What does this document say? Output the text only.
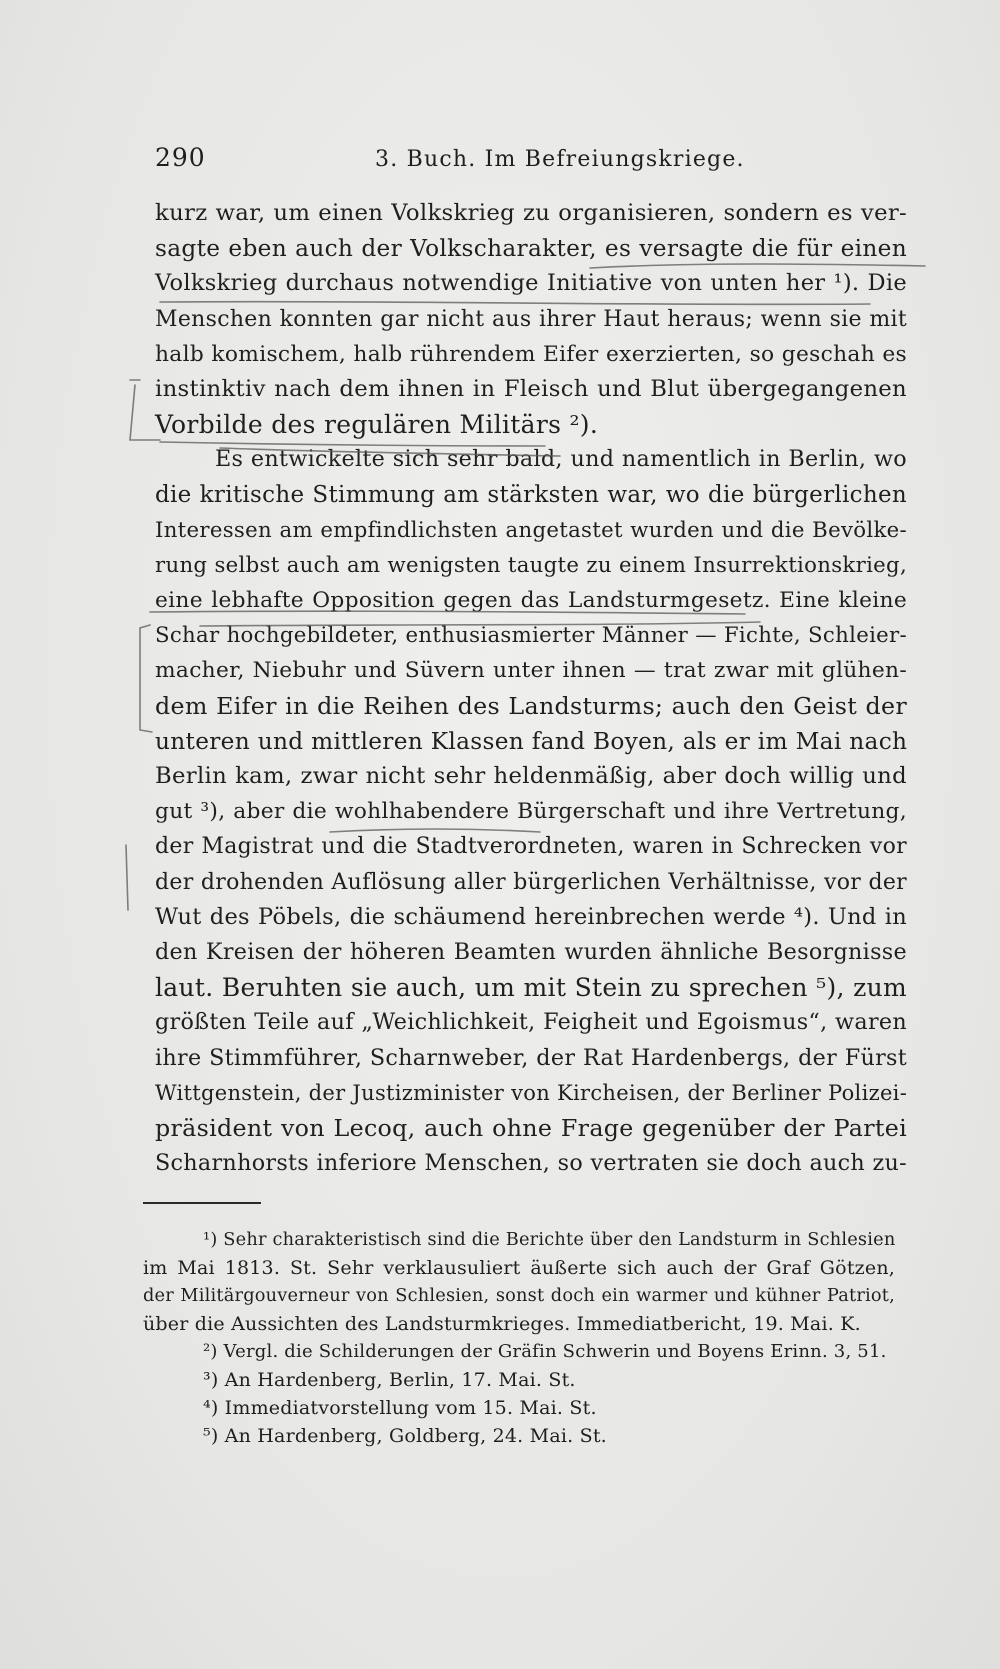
290	3. Buch. Im Befreiungskriege.
kurz war, um einen Volkskrieg zu organisieren, sondern es ver-
sagte eben auch der Volkscharakter, es versagte die für einen
Volkskrieg durchaus notwendige Initiative von unten her ¹). Die
Menschen konnten gar nicht aus ihrer Haut heraus; wenn sie mit
halb komischem, halb rührendem Eifer exerzierten, so geschah es
instinktiv nach dem ihnen in Fleisch und Blut übergegangenen
Vorbilde des regulären Militärs ²).
Es entwickelte sich sehr bald, und namentlich in Berlin, wo
die kritische Stimmung am stärksten war, wo die bürgerlichen
Interessen am empfindlichsten angetastet wurden und die Bevölke-
rung selbst auch am wenigsten taugte zu einem Insurrektionskrieg,
eine lebhafte Opposition gegen das Landsturmgesetz. Eine kleine
Schar hochgebildeter, enthusiasmierter Männer — Fichte, Schleier-
macher, Niebuhr und Süvern unter ihnen — trat zwar mit glühen-
dem Eifer in die Reihen des Landsturms; auch den Geist der
unteren und mittleren Klassen fand Boyen, als er im Mai nach
Berlin kam, zwar nicht sehr heldenmäßig, aber doch willig und
gut ³), aber die wohlhabendere Bürgerschaft und ihre Vertretung,
der Magistrat und die Stadtverordneten, waren in Schrecken vor
der drohenden Auflösung aller bürgerlichen Verhältnisse, vor der
Wut des Pöbels, die schäumend hereinbrechen werde ⁴). Und in
den Kreisen der höheren Beamten wurden ähnliche Besorgnisse
laut. Beruhten sie auch, um mit Stein zu sprechen ⁵), zum
größten Teile auf „Weichlichkeit, Feigheit und Egoismus“, waren
ihre Stimmführer, Scharnweber, der Rat Hardenbergs, der Fürst
Wittgenstein, der Justizminister von Kircheisen, der Berliner Polizei-
präsident von Lecoq, auch ohne Frage gegenüber der Partei
Scharnhorsts inferiore Menschen, so vertraten sie doch auch zu-
¹) Sehr charakteristisch sind die Berichte über den Landsturm in Schlesien
im Mai 1813. St. Sehr verklausuliert äußerte sich auch der Graf Götzen,
der Militärgouverneur von Schlesien, sonst doch ein warmer und kühner Patriot,
über die Aussichten des Landsturmkrieges. Immediatbericht, 19. Mai. K.
²) Vergl. die Schilderungen der Gräfin Schwerin und Boyens Erinn. 3, 51.
³) An Hardenberg, Berlin, 17. Mai. St.
⁴) Immediatvorstellung vom 15. Mai. St.
⁵) An Hardenberg, Goldberg, 24. Mai. St.
